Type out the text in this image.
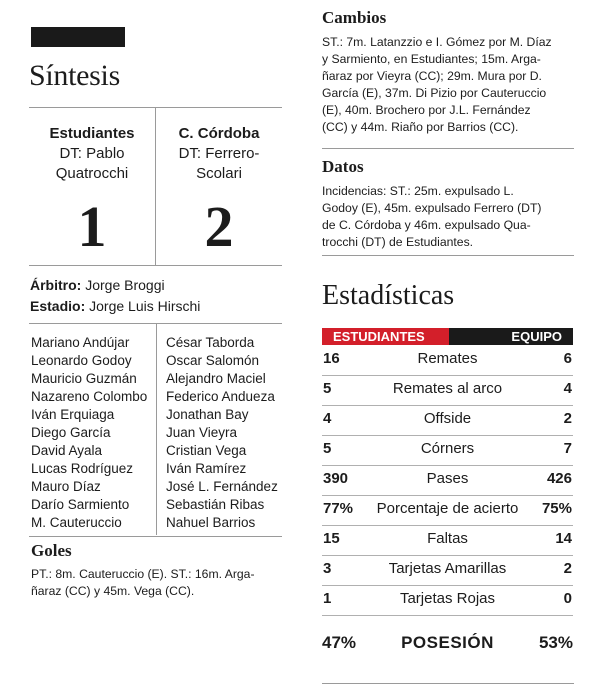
Síntesis
Estudiantes
DT: Pablo
Quatrocchi
1
C. Córdoba
DT: Ferrero-
Scolari
2
Árbitro: Jorge Broggi
Estadio: Jorge Luis Hirschi
Mariano Andújar
Leonardo Godoy
Mauricio Guzmán
Nazareno Colombo
Iván Erquiaga
Diego García
David Ayala
Lucas Rodríguez
Mauro Díaz
Darío Sarmiento
M. Cauteruccio
César Taborda
Oscar Salomón
Alejandro Maciel
Federico Andueza
Jonathan Bay
Juan Vieyra
Cristian Vega
Iván Ramírez
José L. Fernández
Sebastián Ribas
Nahuel Barrios
Goles
PT.: 8m. Cauteruccio (E). ST.: 16m. Arga-
ñaraz (CC) y 45m. Vega (CC).
Cambios
ST.: 7m. Latanzzio e I. Gómez por M. Díaz
y Sarmiento, en Estudiantes; 15m. Arga-
ñaraz por Vieyra (CC); 29m. Mura por D.
García (E), 37m. Di Pizio por Cauteruccio
(E), 40m. Brochero por J.L. Fernández
(CC) y 44m. Riaño por Barrios (CC).
Datos
Incidencias: ST.: 25m. expulsado L.
Godoy (E), 45m. expulsado Ferrero (DT)
de C. Córdoba y 46m. expulsado Qua-
trocchi (DT) de Estudiantes.
Estadísticas
ESTUDIANTES	EQUIPO
16	Remates	6
5	Remates al arco	4
4	Offside	2
5	Córners	7
390	Pases	426
77%	Porcentaje de acierto	75%
15	Faltas	14
3	Tarjetas Amarillas	2
1	Tarjetas Rojas	0
47%	POSESIÓN	53%
